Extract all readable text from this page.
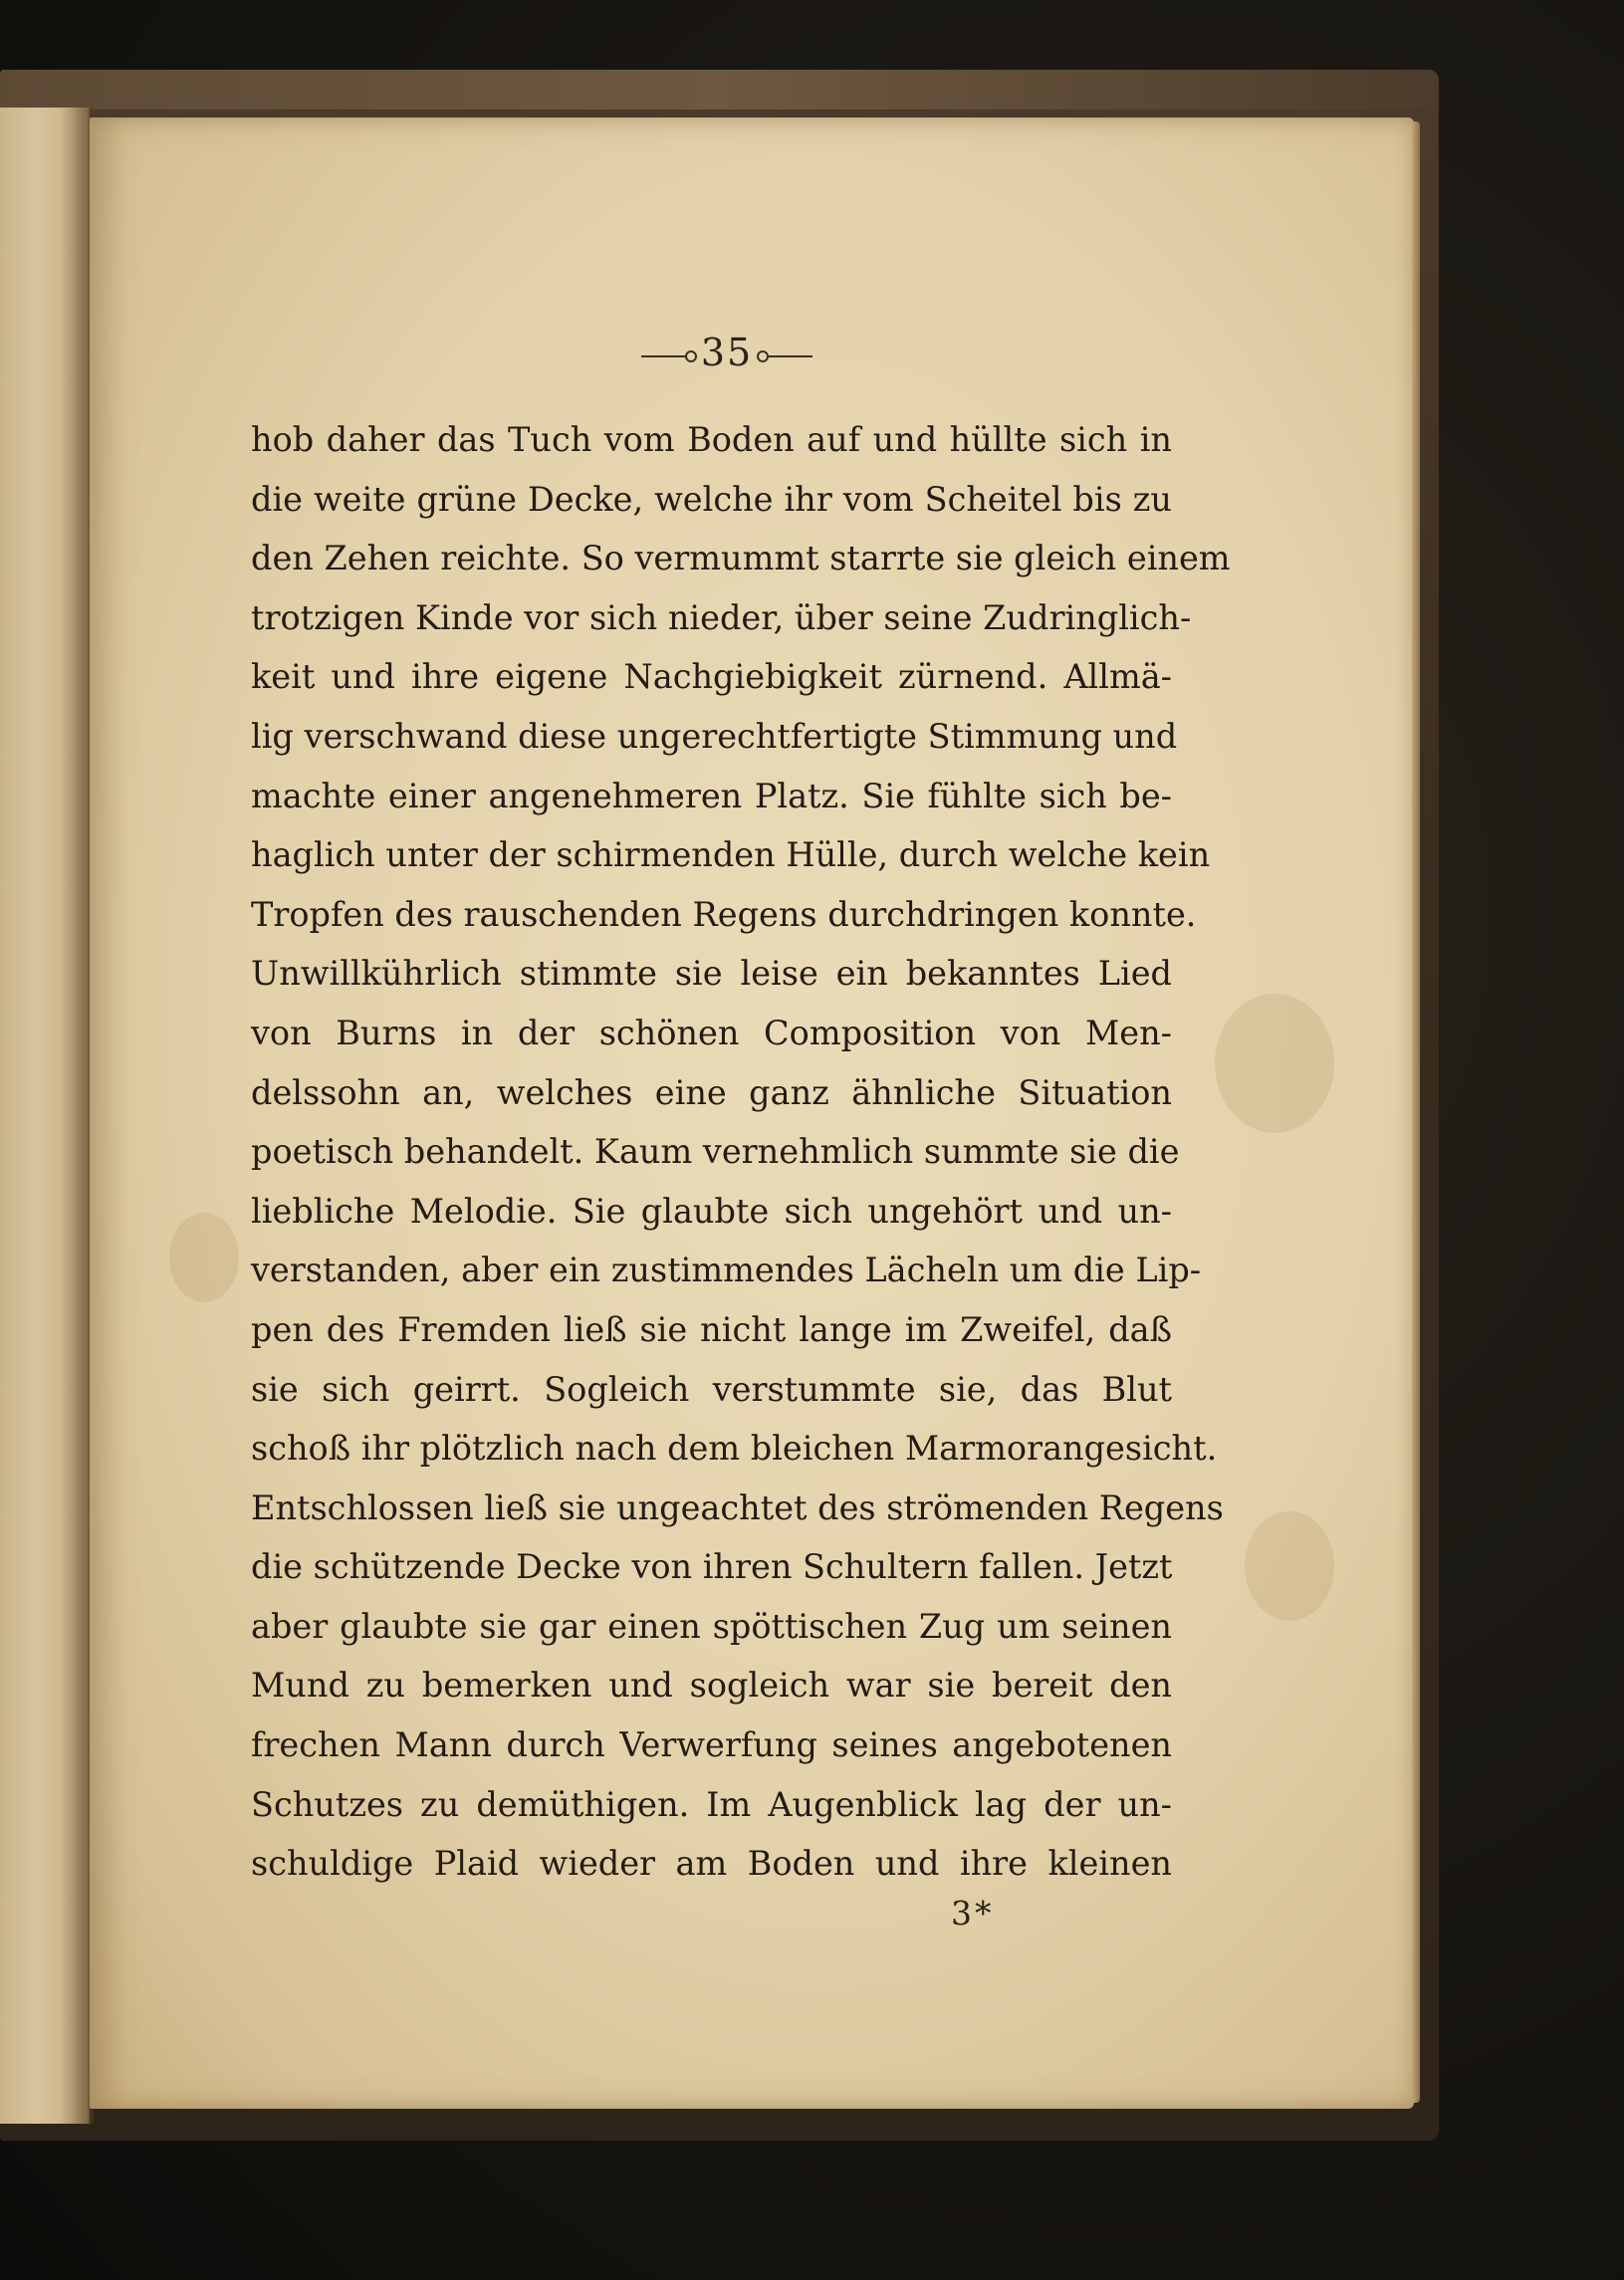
35
hob daher das Tuch vom Boden auf und hüllte sich in
die weite grüne Decke, welche ihr vom Scheitel bis zu
den Zehen reichte. So vermummt starrte sie gleich einem
trotzigen Kinde vor sich nieder, über seine Zudringlich-
keit und ihre eigene Nachgiebigkeit zürnend. Allmä-
lig verschwand diese ungerechtfertigte Stimmung und
machte einer angenehmeren Platz. Sie fühlte sich be-
haglich unter der schirmenden Hülle, durch welche kein
Tropfen des rauschenden Regens durchdringen konnte.
Unwillkührlich stimmte sie leise ein bekanntes Lied
von Burns in der schönen Composition von Men-
delssohn an, welches eine ganz ähnliche Situation
poetisch behandelt. Kaum vernehmlich summte sie die
liebliche Melodie. Sie glaubte sich ungehört und un-
verstanden, aber ein zustimmendes Lächeln um die Lip-
pen des Fremden ließ sie nicht lange im Zweifel, daß
sie sich geirrt. Sogleich verstummte sie, das Blut
schoß ihr plötzlich nach dem bleichen Marmorangesicht.
Entschlossen ließ sie ungeachtet des strömenden Regens
die schützende Decke von ihren Schultern fallen. Jetzt
aber glaubte sie gar einen spöttischen Zug um seinen
Mund zu bemerken und sogleich war sie bereit den
frechen Mann durch Verwerfung seines angebotenen
Schutzes zu demüthigen. Im Augenblick lag der un-
schuldige Plaid wieder am Boden und ihre kleinen
3*
